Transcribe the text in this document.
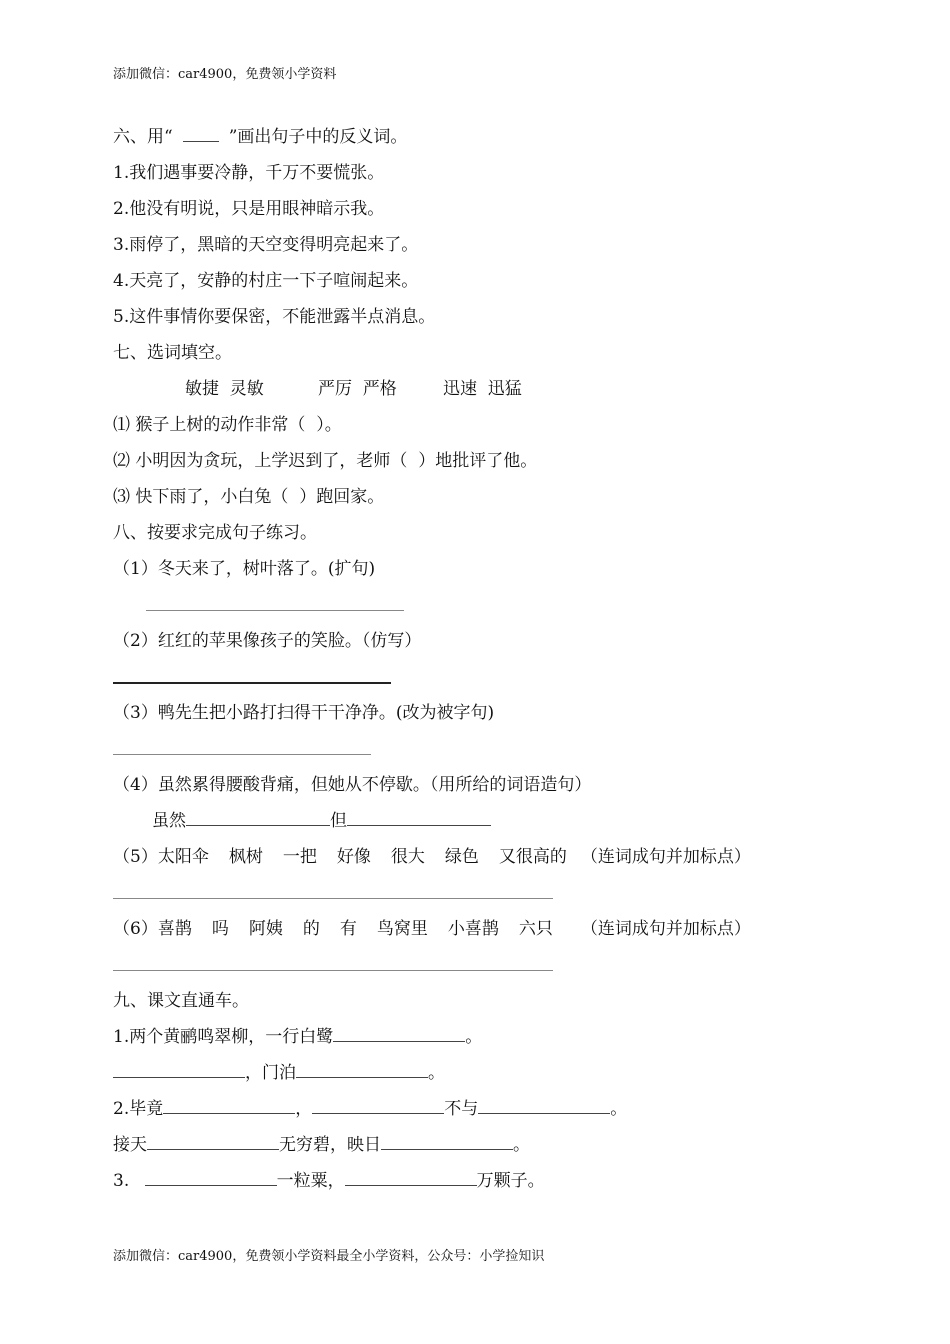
添加微信：car4900，免费领小学资料
六、用“	”画出句子中的反义词。
1.我们遇事要冷静，千万不要慌张。
2.他没有明说，只是用眼神暗示我。
3.雨停了，黑暗的天空变得明亮起来了。
4.天亮了，安静的村庄一下子喧闹起来。
5.这件事情你要保密，不能泄露半点消息。
七、选词填空。
敏捷  灵敏	严厉  严格	迅速  迅猛
⑴ 猴子上树的动作非常（  ）。
⑵ 小明因为贪玩，上学迟到了，老师（  ）地批评了他。
⑶ 快下雨了，小白兔（  ）跑回家。
八、按要求完成句子练习。
（1）冬天来了，树叶落了。(扩句)
（2）红红的苹果像孩子的笑脸。（仿写）
（3）鸭先生把小路打扫得干干净净。(改为被字句)
（4）虽然累得腰酸背痛，但她从不停歇。（用所给的词语造句）
虽然	但
（5）太阳伞 枫树 一把 好像 很大 绿色 又很高的 （连词成句并加标点）
（6）喜鹊 吗 阿姨 的 有 鸟窝里 小喜鹊 六只 （连词成句并加标点）
九、课文直通车。
1.两个黄鹂鸣翠柳，一行白鹭	。
，门泊	。
2.毕竟	，	不与	。
接天	无穷碧，映日	。
3.	一粒粟，	万颗子。
添加微信：car4900，免费领小学资料最全小学资料，公众号：小学捡知识
